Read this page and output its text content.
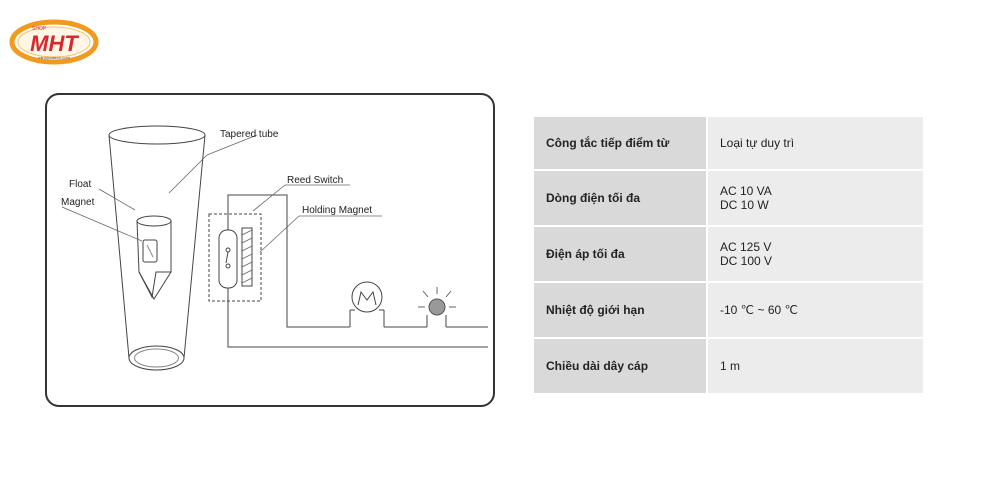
SHOP
MHT
minhhoatech.com
Tapered tube
Float
Magnet
Reed Switch
Holding Magnet
Công tắc tiếp điểm từ	Loại tự duy trì

Dòng điện tối đa	AC 10 VA
DC 10 W

Điện áp tối đa	AC 125 V
DC 100 V

Nhiệt độ giới hạn	-10 ℃ ~ 60 ℃

Chiều dài dây cáp	1 m
